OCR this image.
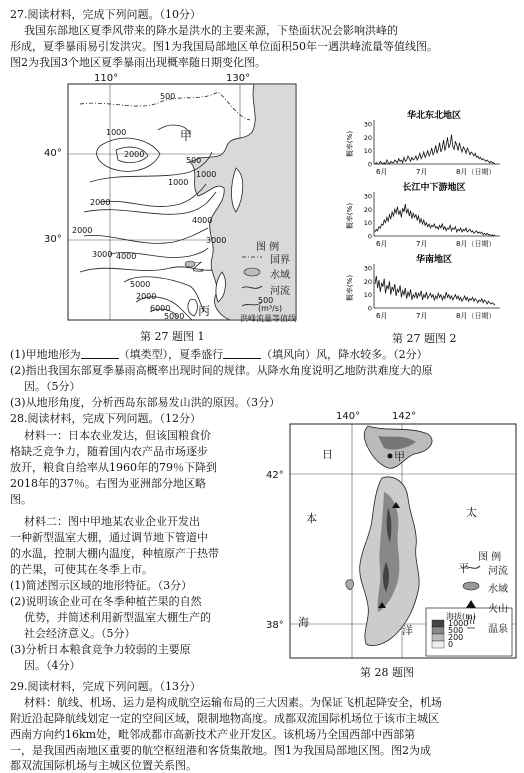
27.阅读材料，完成下列问题。（10分）
我国东部地区夏季风带来的降水是洪水的主要来源，下垫面状况会影响洪峰的
形成，夏季暴雨易引发洪灾。图1为我国局部地区单位面积50年一遇洪峰流量等值线图。
图2为我国3个地区夏季暴雨出现概率随日期变化图。
110°	130°
40°
30°
500
1000
2000
1000
2000
3000 4000
5000
6000
5000
4000
3000
2000
1000
500
2000
甲
乙
丙
图 例
国界
水域
河流
500
(m³/s)
洪峰流量等值线
第 27 题图 1
华北东北地区
概率(%)
30
20
10
0
6月	7月	8月（日期）
长江中下游地区
概率(%)
30
20
10
0
6月	7月	8月（日期）
华南地区
概率(%)
30
20
10
0
6月	7月	8月（日期）
第 27 题图 2
(1)甲地地形为	（填类型），夏季盛行	（填风向）风，降水较多。（2分）
(2)指出我国东部夏季暴雨高概率出现时间的规律。从降水角度说明乙地防洪难度大的原
因。（5分）
(3)从地形角度，分析西岛东部易发山洪的原因。（3分）
28.阅读材料，完成下列问题。（12分）
材料一：日本农业发达，但该国粮食价
格缺乏竞争力，随着国内农产品市场逐步
放开，粮食自给率从1960年的79％下降到
2018年的37％。右图为亚洲部分地区略
图。
材料二：图中甲地某农业企业开发出
一种新型温室大棚，通过调节地下管道中
的水温，控制大棚内温度，种植原产于热带
的芒果，可使其在冬季上市。
(1)简述图示区域的地形特征。（3分）
(2)说明该企业可在冬季种植芒果的自然
优势，并简述利用新型温室大棚生产的
社会经济意义。（5分）
(3)分析日本粮食竞争力较弱的主要原
因。（4分）
140°	142°
42°
38°
甲
日
本
海
太
平
洋
海拔(m)
1000
500
200
0
图 例
河流
水域
火山
温泉
第 28 题图
29.阅读材料，完成下列问题。（13分）
材料：航线、机场、运力是构成航空运输布局的三大因素。为保证飞机起降安全，机场
附近沿起降航线划定一定的空间区域，限制地物高度。成都双流国际机场位于该市主城区
西南方向约16km处，毗邻成都市高新技术产业开发区。该机场乃全国西部中西部第
一，是我国西南地区重要的航空枢纽港和客货集散地。图1为我国局部地区图。图2为成
都双流国际机场与主城区位置关系图。
